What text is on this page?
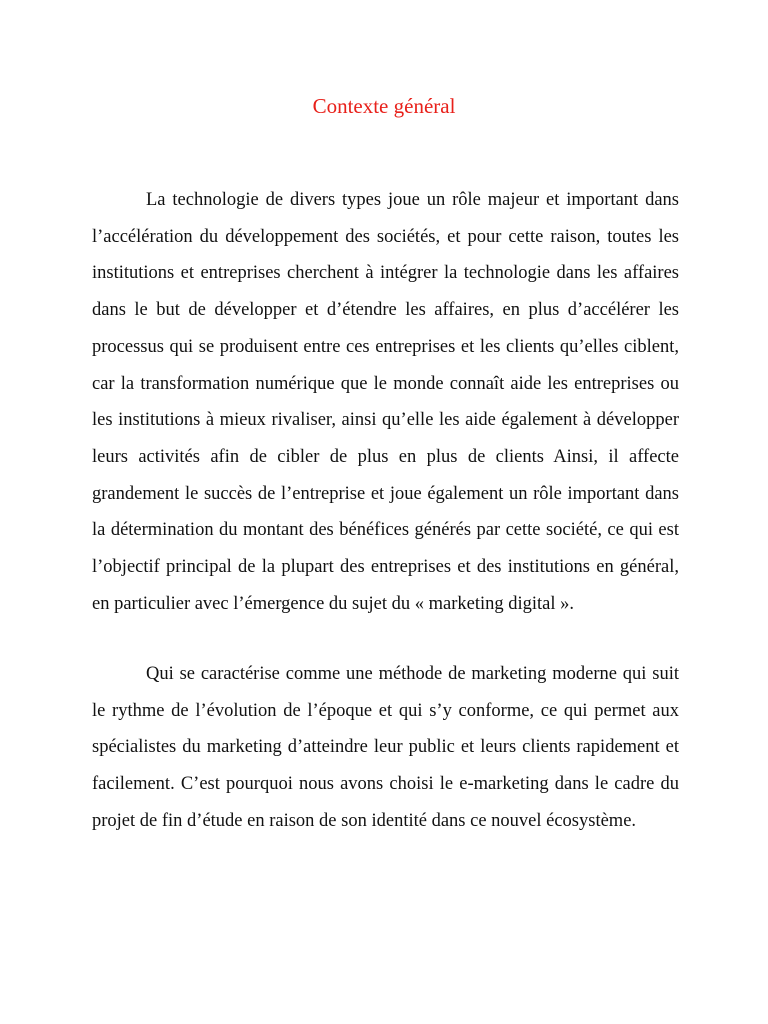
Contexte général

La technologie de divers types joue un rôle majeur et important dans l’accélération du développement des sociétés, et pour cette raison, toutes les institutions et entreprises cherchent à intégrer la technologie dans les affaires dans le but de développer et d’étendre les affaires, en plus d’accélérer les processus qui se produisent entre ces entreprises et les clients qu’elles ciblent, car la transformation numérique que le monde connaît aide les entreprises ou les institutions à mieux rivaliser, ainsi qu’elle les aide également à développer leurs activités afin de cibler de plus en plus de clients Ainsi, il affecte grandement le succès de l’entreprise et joue également un rôle important dans la détermination du montant des bénéfices générés par cette société, ce qui est l’objectif principal de la plupart des entreprises et des institutions en général, en particulier avec l’émergence du sujet du « marketing digital ».

Qui se caractérise comme une méthode de marketing moderne qui suit le rythme de l’évolution de l’époque et qui s’y conforme, ce qui permet aux spécialistes du marketing d’atteindre leur public et leurs clients rapidement et facilement. C’est pourquoi nous avons choisi le e-marketing dans le cadre du projet de fin d’étude en raison de son identité dans ce nouvel écosystème.
